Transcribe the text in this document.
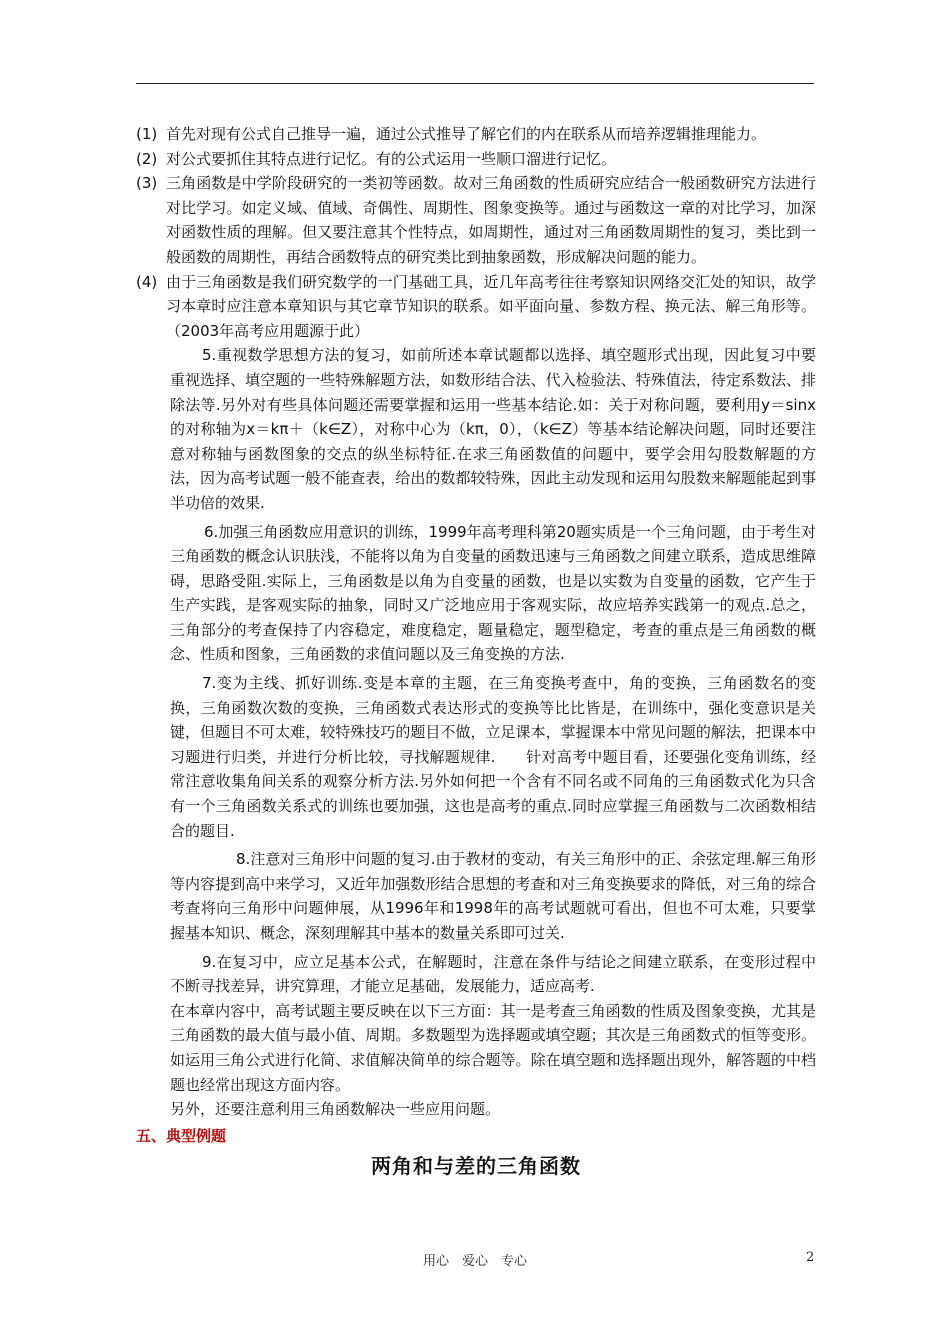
(1) 首先对现有公式自己推导一遍，通过公式推导了解它们的内在联系从而培养逻辑推理能力。
(2) 对公式要抓住其特点进行记忆。有的公式运用一些顺口溜进行记忆。
(3) 三角函数是中学阶段研究的一类初等函数。故对三角函数的性质研究应结合一般函数研究方法进行对比学习。如定义域、值域、奇偶性、周期性、图象变换等。通过与函数这一章的对比学习，加深对函数性质的理解。但又要注意其个性特点，如周期性，通过对三角函数周期性的复习，类比到一般函数的周期性，再结合函数特点的研究类比到抽象函数，形成解决问题的能力。
(4) 由于三角函数是我们研究数学的一门基础工具，近几年高考往往考察知识网络交汇处的知识，故学习本章时应注意本章知识与其它章节知识的联系。如平面向量、参数方程、换元法、解三角形等。（2003年高考应用题源于此）

5.重视数学思想方法的复习，如前所述本章试题都以选择、填空题形式出现，因此复习中要重视选择、填空题的一些特殊解题方法，如数形结合法、代入检验法、特殊值法，待定系数法、排除法等.另外对有些具体问题还需要掌握和运用一些基本结论.如：关于对称问题，要利用y＝sinx的对称轴为x＝kπ＋（k∈Z），对称中心为（kπ，0），（k∈Z）等基本结论解决问题，同时还要注意对称轴与函数图象的交点的纵坐标特征.在求三角函数值的问题中，要学会用勾股数解题的方法，因为高考试题一般不能查表，给出的数都较特殊，因此主动发现和运用勾股数来解题能起到事半功倍的效果.

6.加强三角函数应用意识的训练，1999年高考理科第20题实质是一个三角问题，由于考生对三角函数的概念认识肤浅，不能将以角为自变量的函数迅速与三角函数之间建立联系，造成思维障碍，思路受阻.实际上，三角函数是以角为自变量的函数，也是以实数为自变量的函数，它产生于生产实践，是客观实际的抽象，同时又广泛地应用于客观实际，故应培养实践第一的观点.总之，三角部分的考查保持了内容稳定，难度稳定，题量稳定，题型稳定，考查的重点是三角函数的概念、性质和图象，三角函数的求值问题以及三角变换的方法.

7.变为主线、抓好训练.变是本章的主题，在三角变换考查中，角的变换，三角函数名的变换，三角函数次数的变换，三角函数式表达形式的变换等比比皆是，在训练中，强化变意识是关键，但题目不可太难，较特殊技巧的题目不做，立足课本，掌握课本中常见问题的解法，把课本中习题进行归类，并进行分析比较，寻找解题规律.　　针对高考中题目看，还要强化变角训练，经常注意收集角间关系的观察分析方法.另外如何把一个含有不同名或不同角的三角函数式化为只含有一个三角函数关系式的训练也要加强，这也是高考的重点.同时应掌握三角函数与二次函数相结合的题目.

8.注意对三角形中问题的复习.由于教材的变动，有关三角形中的正、余弦定理.解三角形等内容提到高中来学习，又近年加强数形结合思想的考查和对三角变换要求的降低，对三角的综合考查将向三角形中问题伸展，从1996年和1998年的高考试题就可看出，但也不可太难，只要掌握基本知识、概念，深刻理解其中基本的数量关系即可过关.

9.在复习中，应立足基本公式，在解题时，注意在条件与结论之间建立联系，在变形过程中不断寻找差异，讲究算理，才能立足基础，发展能力，适应高考.

在本章内容中，高考试题主要反映在以下三方面：其一是考查三角函数的性质及图象变换，尤其是三角函数的最大值与最小值、周期。多数题型为选择题或填空题；其次是三角函数式的恒等变形。如运用三角公式进行化简、求值解决简单的综合题等。除在填空题和选择题出现外，解答题的中档题也经常出现这方面内容。

另外，还要注意利用三角函数解决一些应用问题。

五、典型例题
两角和与差的三角函数
用心　爱心　专心	2
